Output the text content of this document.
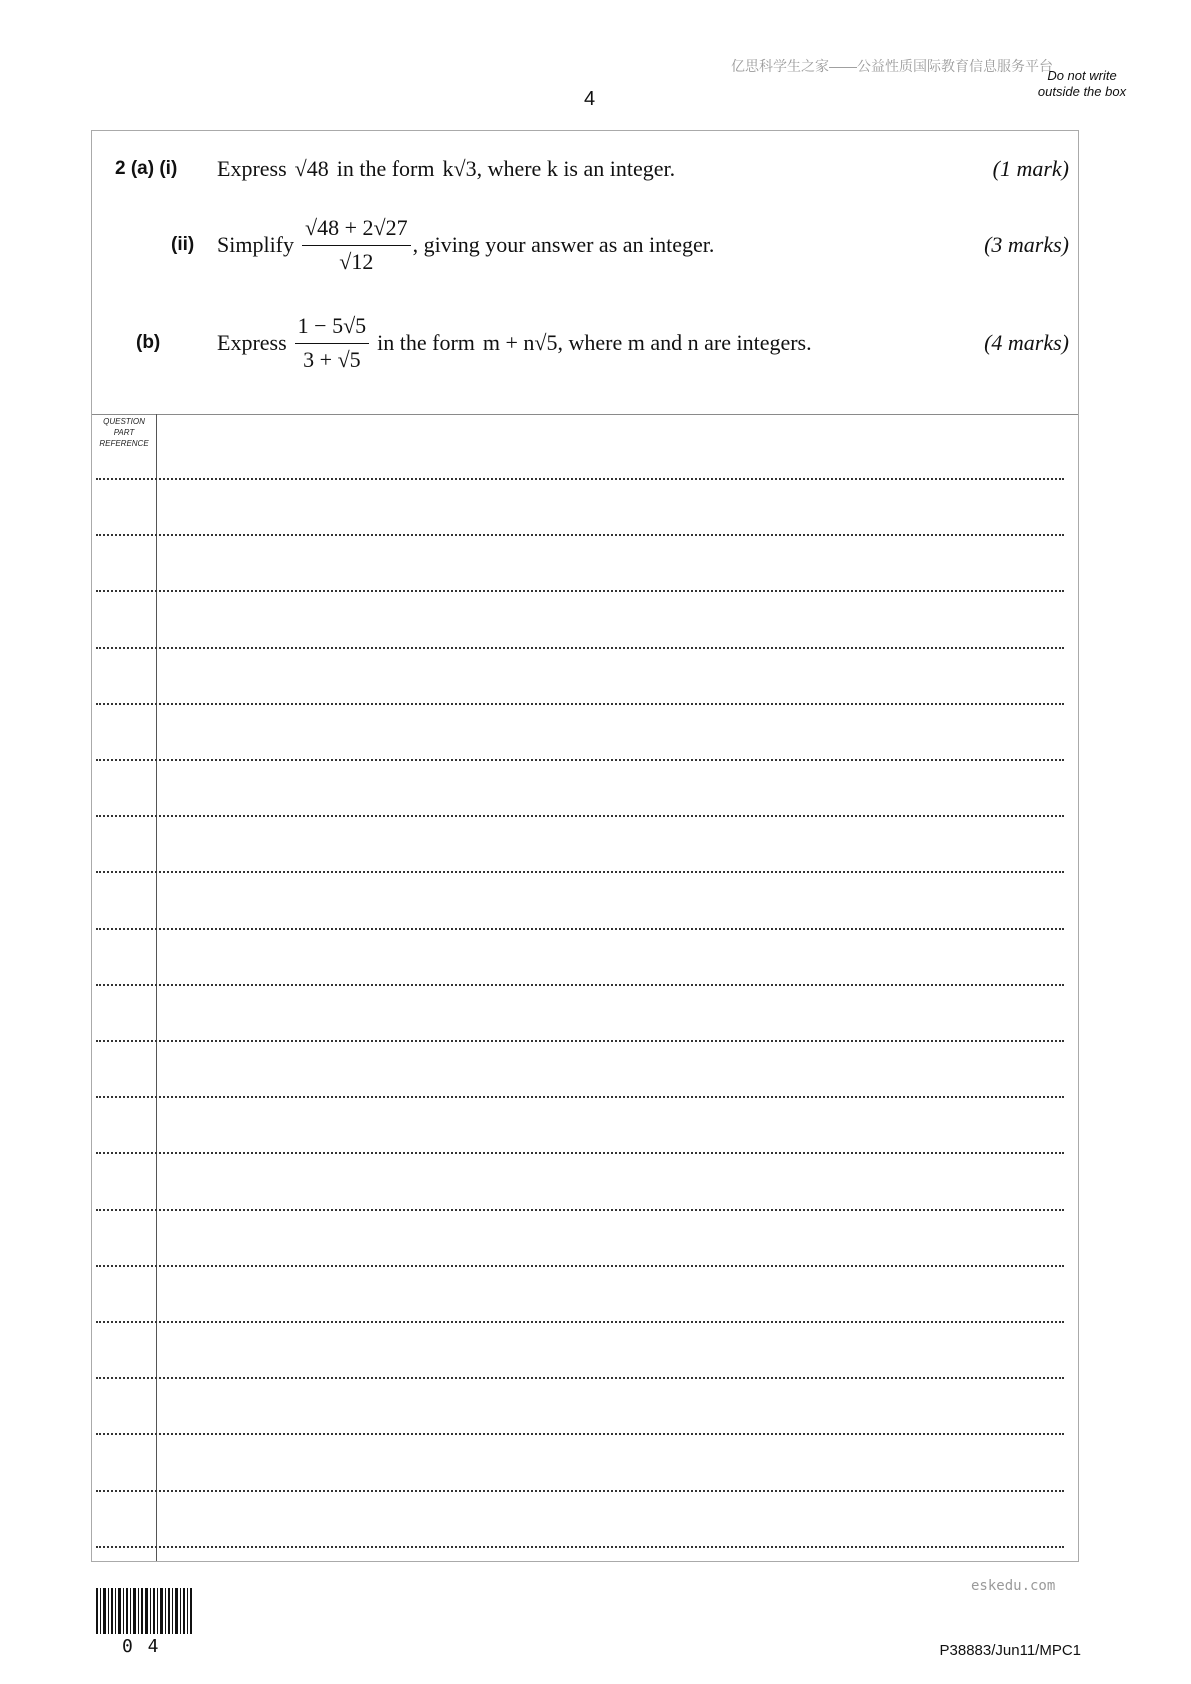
亿思科学生之家——公益性质国际教育信息服务平台
4
Do not write outside the box
2 (a) (i) Express √48 in the form k√3 , where k is an integer.	(1 mark)
(ii) Simplify $\frac{√48 + 2√27}{√12}$ , giving your answer as an integer.	(3 marks)
(b)	Express $\frac{1 - 5√5}{3 + √5}$ in the form m + n√5 , where m and n are integers.	(4 marks)
QUESTION PART REFERENCE
eskedu.com
0 4	P38883/Jun11/MPC1
